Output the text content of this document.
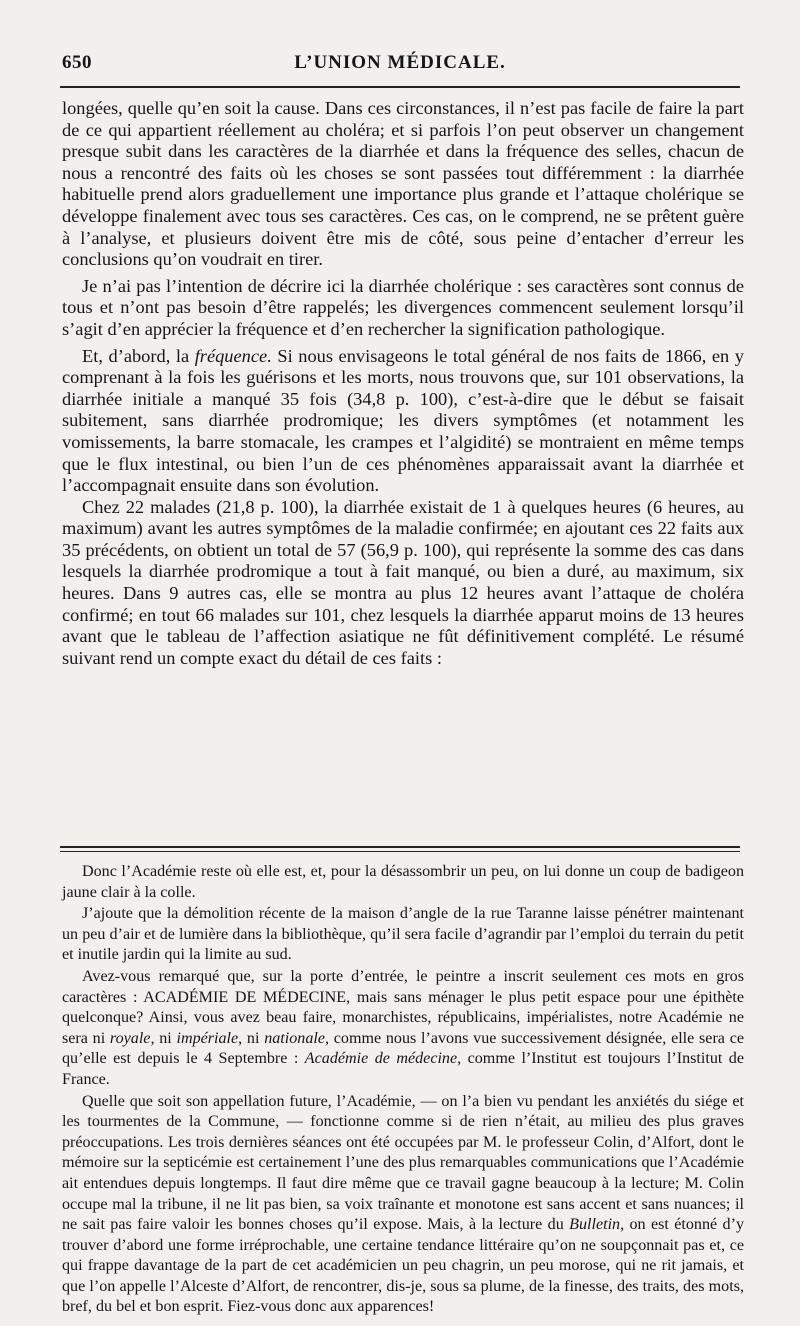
650	L’UNION MÉDICALE.

longées, quelle qu’en soit la cause. Dans ces circonstances, il n’est pas facile de faire la part de ce qui appartient réellement au choléra; et si parfois l’on peut observer un changement presque subit dans les caractères de la diarrhée et dans la fréquence des selles, chacun de nous a rencontré des faits où les choses se sont passées tout différemment : la diarrhée habituelle prend alors graduellement une importance plus grande et l’attaque cholérique se développe finalement avec tous ses caractères. Ces cas, on le comprend, ne se prêtent guère à l’analyse, et plusieurs doivent être mis de côté, sous peine d’entacher d’erreur les conclusions qu’on voudrait en tirer.

Je n’ai pas l’intention de décrire ici la diarrhée cholérique : ses caractères sont connus de tous et n’ont pas besoin d’être rappelés; les divergences commencent seulement lorsqu’il s’agit d’en apprécier la fréquence et d’en rechercher la signification pathologique.

Et, d’abord, la fréquence. Si nous envisageons le total général de nos faits de 1866, en y comprenant à la fois les guérisons et les morts, nous trouvons que, sur 101 observations, la diarrhée initiale a manqué 35 fois (34,8 p. 100), c’est-à-dire que le début se faisait subitement, sans diarrhée prodromique; les divers symptômes (et notamment les vomissements, la barre stomacale, les crampes et l’algidité) se montraient en même temps que le flux intestinal, ou bien l’un de ces phénomènes apparaissait avant la diarrhée et l’accompagnait ensuite dans son évolution.

Chez 22 malades (21,8 p. 100), la diarrhée existait de 1 à quelques heures (6 heures, au maximum) avant les autres symptômes de la maladie confirmée; en ajoutant ces 22 faits aux 35 précédents, on obtient un total de 57 (56,9 p. 100), qui représente la somme des cas dans lesquels la diarrhée prodromique a tout à fait manqué, ou bien a duré, au maximum, six heures. Dans 9 autres cas, elle se montra au plus 12 heures avant l’attaque de choléra confirmé; en tout 66 malades sur 101, chez lesquels la diarrhée apparut moins de 13 heures avant que le tableau de l’affection asiatique ne fût définitivement complété. Le résumé suivant rend un compte exact du détail de ces faits :

Donc l’Académie reste où elle est, et, pour la désassombrir un peu, on lui donne un coup de badigeon jaune clair à la colle.

J’ajoute que la démolition récente de la maison d’angle de la rue Taranne laisse pénétrer maintenant un peu d’air et de lumière dans la bibliothèque, qu’il sera facile d’agrandir par l’emploi du terrain du petit et inutile jardin qui la limite au sud.

Avez-vous remarqué que, sur la porte d’entrée, le peintre a inscrit seulement ces mots en gros caractères : ACADÉMIE DE MÉDECINE, mais sans ménager le plus petit espace pour une épithète quelconque? Ainsi, vous avez beau faire, monarchistes, républicains, impérialistes, notre Académie ne sera ni royale, ni impériale, ni nationale, comme nous l’avons vue successivement désignée, elle sera ce qu’elle est depuis le 4 Septembre : Académie de médecine, comme l’Institut est toujours l’Institut de France.

Quelle que soit son appellation future, l’Académie, — on l’a bien vu pendant les anxiétés du siége et les tourmentes de la Commune, — fonctionne comme si de rien n’était, au milieu des plus graves préoccupations. Les trois dernières séances ont été occupées par M. le professeur Colin, d’Alfort, dont le mémoire sur la septicémie est certainement l’une des plus remarquables communications que l’Académie ait entendues depuis longtemps. Il faut dire même que ce travail gagne beaucoup à la lecture; M. Colin occupe mal la tribune, il ne lit pas bien, sa voix traînante et monotone est sans accent et sans nuances; il ne sait pas faire valoir les bonnes choses qu’il expose. Mais, à la lecture du Bulletin, on est étonné d’y trouver d’abord une forme irréprochable, une certaine tendance littéraire qu’on ne soupçonnait pas et, ce qui frappe davantage de la part de cet académicien un peu chagrin, un peu morose, qui ne rit jamais, et que l’on appelle l’Alceste d’Alfort, de rencontrer, dis-je, sous sa plume, de la finesse, des traits, des mots, bref, du bel et bon esprit. Fiez-vous donc aux apparences!
